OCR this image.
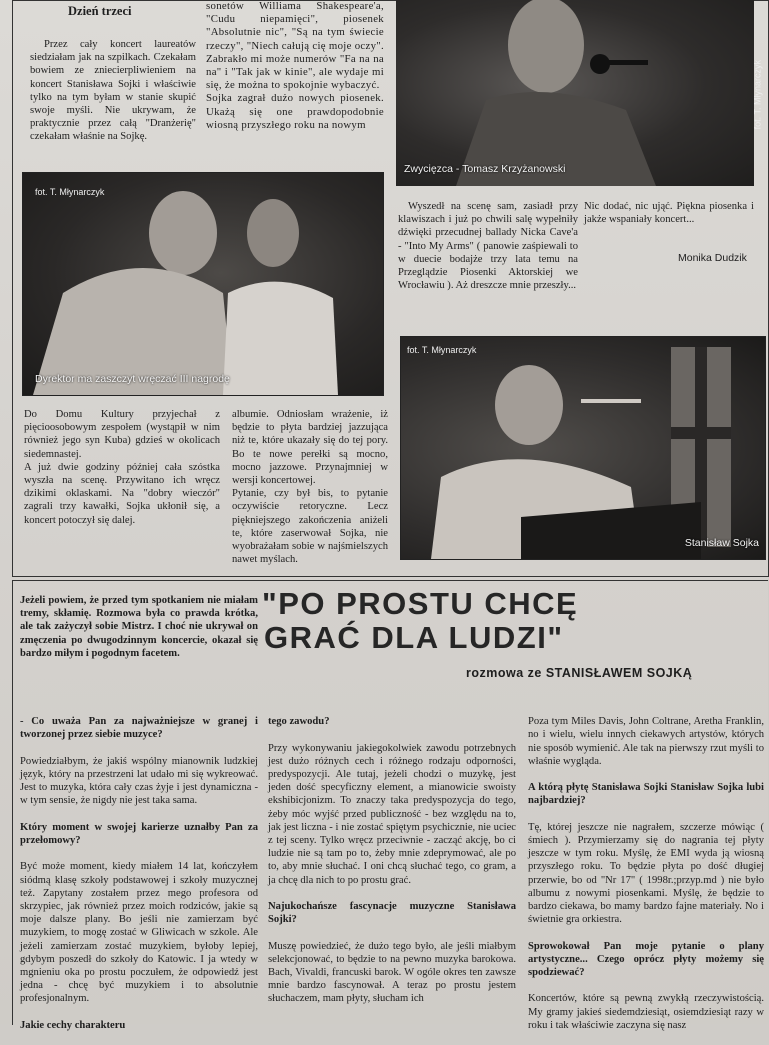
Dzień trzeci

Przez cały koncert laureatów siedziałam jak na szpilkach. Czekałam bowiem ze zniecierpliwieniem na koncert Stanisława Sojki i właściwie tylko na tym byłam w stanie skupić swoje myśli. Nie ukrywam, że praktycznie przez całą "Dranżerię" czekałam właśnie na Sojkę.

sonetów Williama Shakespeare'a, "Cudu niepamięci", piosenek "Absolutnie nic", "Są na tym świecie rzeczy", "Niech całują cię moje oczy". Zabrakło mi może numerów "Fa na na na" i "Tak jak w kinie", ale wydaje mi się, że można to spokojnie wybaczyć.
Sojka zagrał dużo nowych piosenek. Ukażą się one prawdopodobnie wiosną przyszłego roku na nowym	fot. T. Młynarczyk
Zwycięzca - Tomasz Krzyżanowski
fot. T. Młynarczyk
Dyrektor ma zaszczyt wręczać III nagrodę

Wyszedł na scenę sam, zasiadł przy klawiszach i już po chwili salę wypełniły dźwięki przecudnej ballady Nicka Cave'a - "Into My Arms" ( panowie zaśpiewali to w duecie bodajże trzy lata temu na Przeglądzie Piosenki Aktorskiej we Wrocławiu ). Aż dreszcze mnie przeszły...

Nic dodać, nic ująć. Piękna piosenka i jakże wspaniały koncert...

Monika Dudzik
fot. T. Młynarczyk
Stanisław Sojka

Do Domu Kultury przyjechał z pięcioosobowym zespołem (wystąpił w nim również jego syn Kuba) gdzieś w okolicach siedemnastej.
A już dwie godziny później cała szóstka wyszła na scenę. Przywitano ich wręcz dzikimi oklaskami. Na "dobry wieczór" zagrali trzy kawałki, Sojka ukłonił się, a koncert potoczył się dalej.

albumie. Odniosłam wrażenie, iż będzie to płyta bardziej jazzująca niż te, które ukazały się do tej pory. Bo te nowe perełki są mocno, mocno jazzowe. Przynajmniej w wersji koncertowej.
Pytanie, czy był bis, to pytanie oczywiście retoryczne. Lecz piękniejszego zakończenia aniżeli te, które zaserwował Sojka, nie wyobrażałam sobie w najśmielszych nawet myślach.

Jeżeli powiem, że przed tym spotkaniem nie miałam tremy, skłamię. Rozmowa była co prawda krótka, ale tak zażyczył sobie Mistrz. I choć nie ukrywał on zmęczenia po dwugodzinnym koncercie, okazał się bardzo miłym i pogodnym facetem.

"PO PROSTU CHCĘ
GRAĆ DLA LUDZI"
rozmowa ze STANISŁAWEM SOJKĄ

- Co uważa Pan za najważniejsze w granej i tworzonej przez siebie muzyce?

Powiedziałbym, że jakiś wspólny mianownik ludzkiej język, który na przestrzeni lat udało mi się wykreować. Jest to muzyka, która cały czas żyje i jest dynamiczna - w tym sensie, że nigdy nie jest taka sama.

Który moment w swojej karierze uznałby Pan za przełomowy?

Być może moment, kiedy miałem 14 lat, kończyłem siódmą klasę szkoły podstawowej i szkoły muzycznej też. Zapytany zostałem przez mego profesora od skrzypiec, jak również przez moich rodziców, jakie są moje dalsze plany. Bo jeśli nie zamierzam być muzykiem, to mogę zostać w Gliwicach w szkole. Ale jeżeli zamierzam zostać muzykiem, byłoby lepiej, gdybym poszedł do szkoły do Katowic. I ja wtedy w mgnieniu oka po prostu poczułem, że odpowiedź jest jedna - chcę być muzykiem i to absolutnie profesjonalnym.

Jakie cechy charakteru

tego zawodu?

Przy wykonywaniu jakiegokolwiek zawodu potrzebnych jest dużo różnych cech i różnego rodzaju odporności, predyspozycji. Ale tutaj, jeżeli chodzi o muzykę, jest jeden dość specyficzny element, a mianowicie swoisty ekshibicjonizm. To znaczy taka predyspozycja do tego, żeby móc wyjść przed publiczność - bez względu na to, jak jest liczna - i nie zostać spiętym psychicznie, nie uciec z tej sceny. Tylko wręcz przeciwnie - zacząć akcję, bo ci ludzie nie są tam po to, żeby mnie zdeprymować, ale po to, aby mnie słuchać. I oni chcą słuchać tego, co gram, a ja chcę dla nich to po prostu grać.

Najukochańsze fascynacje muzyczne Stanisława Sojki?

Muszę powiedzieć, że dużo tego było, ale jeśli miałbym selekcjonować, to będzie to na pewno muzyka barokowa. Bach, Vivaldi, francuski barok. W ogóle okres ten zawsze mnie bardzo fascynował. A teraz po prostu jestem słuchaczem, mam płyty, słucham ich

Poza tym Miles Davis, John Coltrane, Aretha Franklin, no i wielu, wielu innych ciekawych artystów, których nie sposób wymienić. Ale tak na pierwszy rzut myśli to właśnie wygląda.

A którą płytę Stanisława Sojki Stanisław Sojka lubi najbardziej?

Tę, której jeszcze nie nagrałem, szczerze mówiąc ( śmiech ). Przymierzamy się do nagrania tej płyty jeszcze w tym roku. Myślę, że EMI wyda ją wiosną przyszłego roku. To będzie płyta po dość długiej przerwie, bo od "Nr 17" ( 1998r.;przyp.md ) nie było albumu z nowymi piosenkami. Myślę, że będzie to bardzo ciekawa, bo mamy bardzo fajne materiały. No i świetnie gra orkiestra.

Sprowokował Pan moje pytanie o plany artystyczne... Czego oprócz płyty możemy się spodziewać?

Koncertów, które są pewną zwykłą rzeczywistością. My gramy jakieś siedemdziesiąt, osiemdziesiąt razy w roku i tak właściwie zaczyna się nasz
